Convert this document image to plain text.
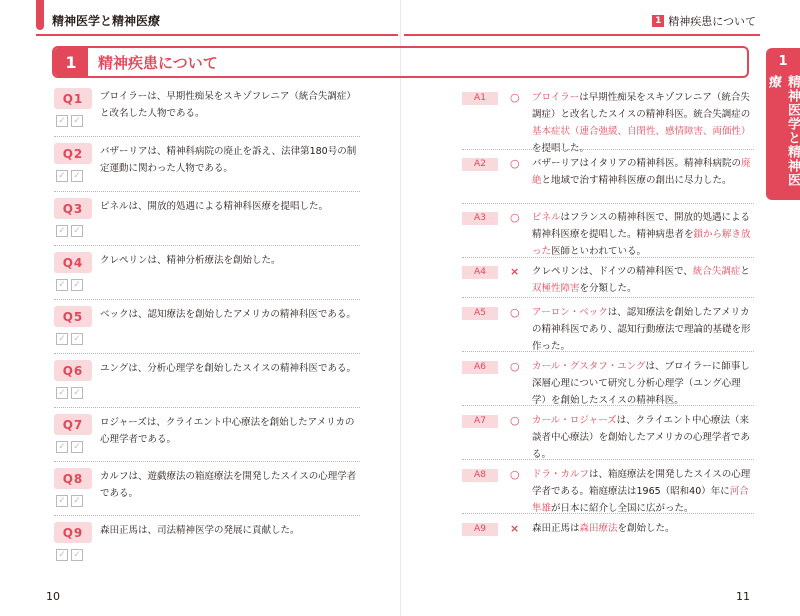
精神医学と精神医療	1 精神疾患について
1	精神疾患について	1
精神医学と精神医療
Q1
✓ ✓
ブロイラーは、早期性痴呆をスキゾフレニア（統合失調症）と改名した人物である。
Q2
✓ ✓
バザーリアは、精神科病院の廃止を訴え、法律第180号の制定運動に関わった人物である。
Q3
✓ ✓
ピネルは、開放的処遇による精神科医療を提唱した。
Q4
✓ ✓
クレペリンは、精神分析療法を創始した。
Q5
✓ ✓
ベックは、認知療法を創始したアメリカの精神科医である。
Q6
✓ ✓
ユングは、分析心理学を創始したスイスの精神科医である。
Q7
✓ ✓
ロジャーズは、クライエント中心療法を創始したアメリカの心理学者である。
Q8
✓ ✓
カルフは、遊戯療法の箱庭療法を開発したスイスの心理学者である。
Q9
✓ ✓
森田正馬は、司法精神医学の発展に貢献した。
A1	○ ブロイラーは早期性痴呆をスキゾフレニア（統合失調症）と改名したスイスの精神科医。統合失調症の基本症状（連合弛緩、自閉性、感情障害、両価性）を提唱した。
A2	○ バザーリアはイタリアの精神科医。精神科病院の廃絶と地域で治す精神科医療の創出に尽力した。
A3	○ ピネルはフランスの精神科医で、開放的処遇による精神科医療を提唱した。精神病患者を鎖から解き放った医師といわれている。
A4	× クレペリンは、ドイツの精神科医で、統合失調症と双極性障害を分類した。
A5	○ アーロン・ベックは、認知療法を創始したアメリカの精神科医であり、認知行動療法で理論的基礎を形作った。
A6	○ カール・グスタフ・ユングは、ブロイラーに師事し深層心理について研究し分析心理学（ユング心理学）を創始したスイスの精神科医。
A7	○ カール・ロジャーズは、クライエント中心療法（来談者中心療法）を創始したアメリカの心理学者である。
A8	○ ドラ・カルフは、箱庭療法を開発したスイスの心理学者である。箱庭療法は1965（昭和40）年に河合隼雄が日本に紹介し全国に広がった。
A9	× 森田正馬は森田療法を創始した。
10	11
